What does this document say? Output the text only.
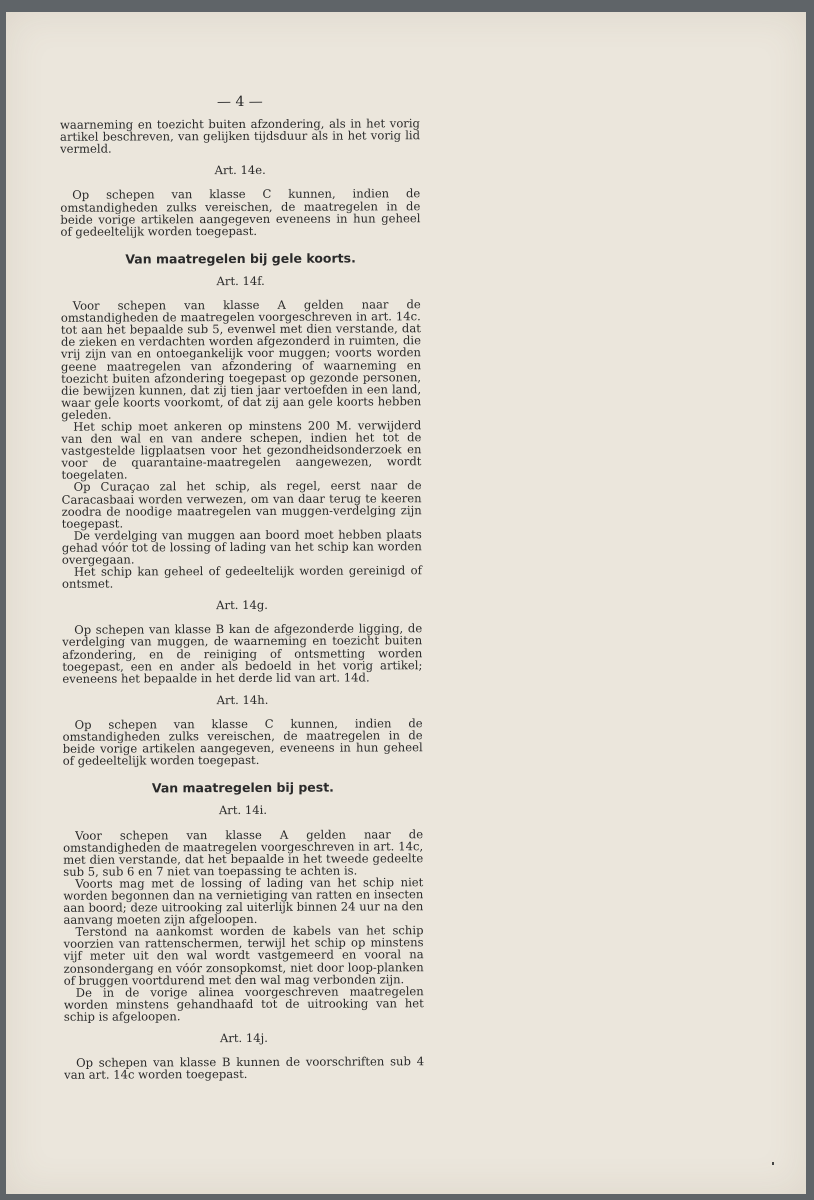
— 4 —

waarneming en toezicht buiten afzondering, als in het vorig artikel beschreven, van gelijken tijdsduur als in het vorig lid vermeld.

Art. 14e.

Op schepen van klasse C kunnen, indien de omstandigheden zulks vereischen, de maatregelen in de beide vorige artikelen aangegeven eveneens in hun geheel of gedeeltelijk worden toegepast.

Van maatregelen bij gele koorts.
Art. 14f.

Voor schepen van klasse A gelden naar de omstandigheden de maatregelen voorgeschreven in art. 14c. tot aan het bepaalde sub 5, evenwel met dien verstande, dat de zieken en verdachten worden afgezonderd in ruimten, die vrij zijn van en ontoegankelijk voor muggen; voorts worden geene maatregelen van afzondering of waarneming en toezicht buiten afzondering toegepast op gezonde personen, die bewijzen kunnen, dat zij tien jaar vertoefden in een land, waar gele koorts voorkomt, of dat zij aan gele koorts hebben geleden.

Het schip moet ankeren op minstens 200 M. verwijderd van den wal en van andere schepen, indien het tot de vastgestelde ligplaatsen voor het gezondheidsonderzoek en voor de quarantaine-maatregelen aangewezen, wordt toegelaten.

Op Curaçao zal het schip, als regel, eerst naar de Caracasbaai worden verwezen, om van daar terug te keeren zoodra de noodige maatregelen van muggen-verdelging zijn toegepast.

De verdelging van muggen aan boord moet hebben plaats gehad vóór tot de lossing of lading van het schip kan worden overgegaan.

Het schip kan geheel of gedeeltelijk worden gereinigd of ontsmet.

Art. 14g.

Op schepen van klasse B kan de afgezonderde ligging, de verdelging van muggen, de waarneming en toezicht buiten afzondering, en de reiniging of ontsmetting worden toegepast, een en ander als bedoeld in het vorig artikel; eveneens het bepaalde in het derde lid van art. 14d.

Art. 14h.

Op schepen van klasse C kunnen, indien de omstandigheden zulks vereischen, de maatregelen in de beide vorige artikelen aangegeven, eveneens in hun geheel of gedeeltelijk worden toegepast.

Van maatregelen bij pest.
Art. 14i.

Voor schepen van klasse A gelden naar de omstandigheden de maatregelen voorgeschreven in art. 14c, met dien verstande, dat het bepaalde in het tweede gedeelte sub 5, sub 6 en 7 niet van toepassing te achten is.

Voorts mag met de lossing of lading van het schip niet worden begonnen dan na vernietiging van ratten en insecten aan boord; deze uitrooking zal uiterlijk binnen 24 uur na den aanvang moeten zijn afgeloopen.

Terstond na aankomst worden de kabels van het schip voorzien van rattenschermen, terwijl het schip op minstens vijf meter uit den wal wordt vastgemeerd en vooral na zonsondergang en vóór zonsopkomst, niet door loop-planken of bruggen voortdurend met den wal mag verbonden zijn.

De in de vorige alinea voorgeschreven maatregelen worden minstens gehandhaafd tot de uitrooking van het schip is afgeloopen.

Art. 14j.

Op schepen van klasse B kunnen de voorschriften sub 4 van art. 14c worden toegepast.
